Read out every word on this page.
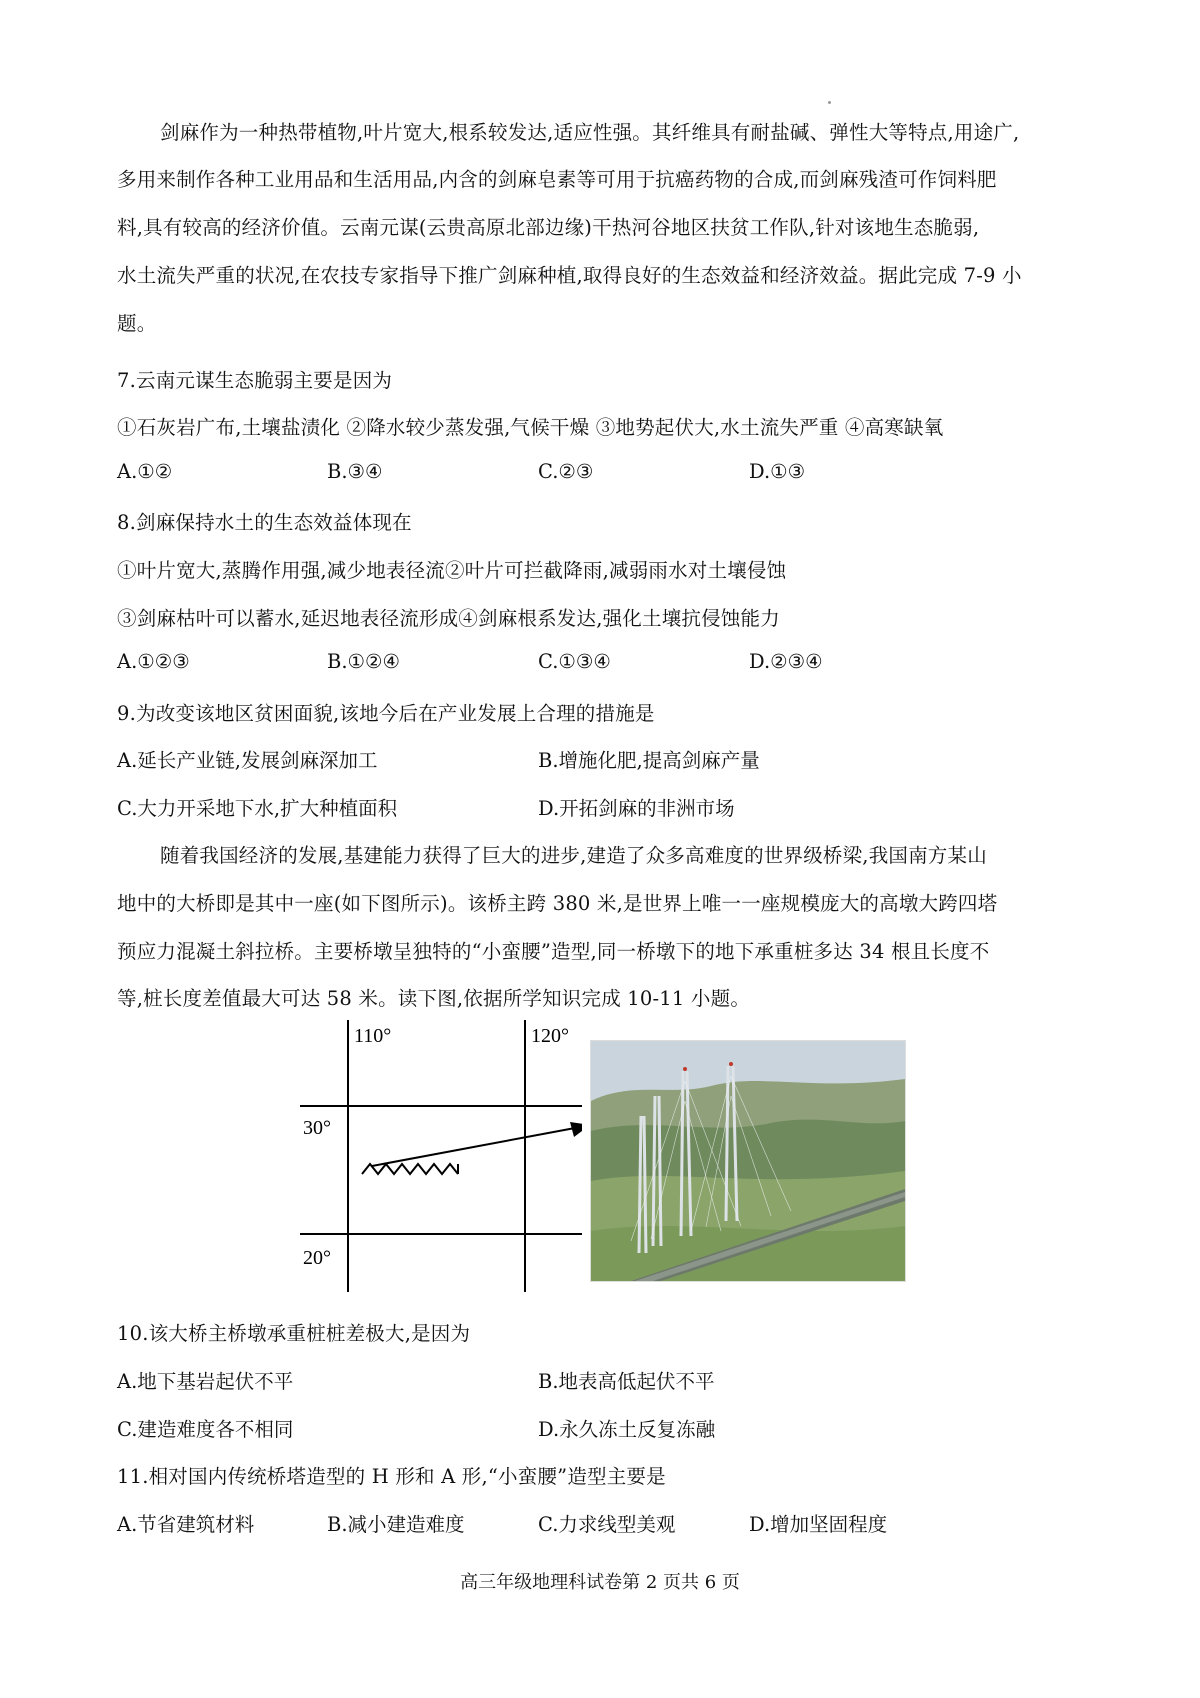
剑麻作为一种热带植物,叶片宽大,根系较发达,适应性强。其纤维具有耐盐碱、弹性大等特点,用途广,
多用来制作各种工业用品和生活用品,内含的剑麻皂素等可用于抗癌药物的合成,而剑麻残渣可作饲料肥
料,具有较高的经济价值。云南元谋(云贵高原北部边缘)干热河谷地区扶贫工作队,针对该地生态脆弱,
水土流失严重的状况,在农技专家指导下推广剑麻种植,取得良好的生态效益和经济效益。据此完成 7-9 小
题。
7.云南元谋生态脆弱主要是因为
①石灰岩广布,土壤盐渍化 ②降水较少蒸发强,气候干燥 ③地势起伏大,水土流失严重 ④高寒缺氧
A.①②	B.③④	C.②③	D.①③
8.剑麻保持水土的生态效益体现在
①叶片宽大,蒸腾作用强,减少地表径流②叶片可拦截降雨,减弱雨水对土壤侵蚀
③剑麻枯叶可以蓄水,延迟地表径流形成④剑麻根系发达,强化土壤抗侵蚀能力
A.①②③	B.①②④	C.①③④	D.②③④
9.为改变该地区贫困面貌,该地今后在产业发展上合理的措施是
A.延长产业链,发展剑麻深加工	B.增施化肥,提高剑麻产量
C.大力开采地下水,扩大种植面积	D.开拓剑麻的非洲市场
随着我国经济的发展,基建能力获得了巨大的进步,建造了众多高难度的世界级桥梁,我国南方某山
地中的大桥即是其中一座(如下图所示)。该桥主跨 380 米,是世界上唯一一座规模庞大的高墩大跨四塔
预应力混凝土斜拉桥。主要桥墩呈独特的“小蛮腰”造型,同一桥墩下的地下承重桩多达 34 根且长度不
等,桩长度差值最大可达 58 米。读下图,依据所学知识完成 10-11 小题。
110°	120°
30°
20°
10.该大桥主桥墩承重桩桩差极大,是因为
A.地下基岩起伏不平	B.地表高低起伏不平
C.建造难度各不相同	D.永久冻土反复冻融
11.相对国内传统桥塔造型的 H 形和 A 形,“小蛮腰”造型主要是
A.节省建筑材料	B.减小建造难度	C.力求线型美观	D.增加坚固程度
高三年级地理科试卷第 2 页共 6 页
